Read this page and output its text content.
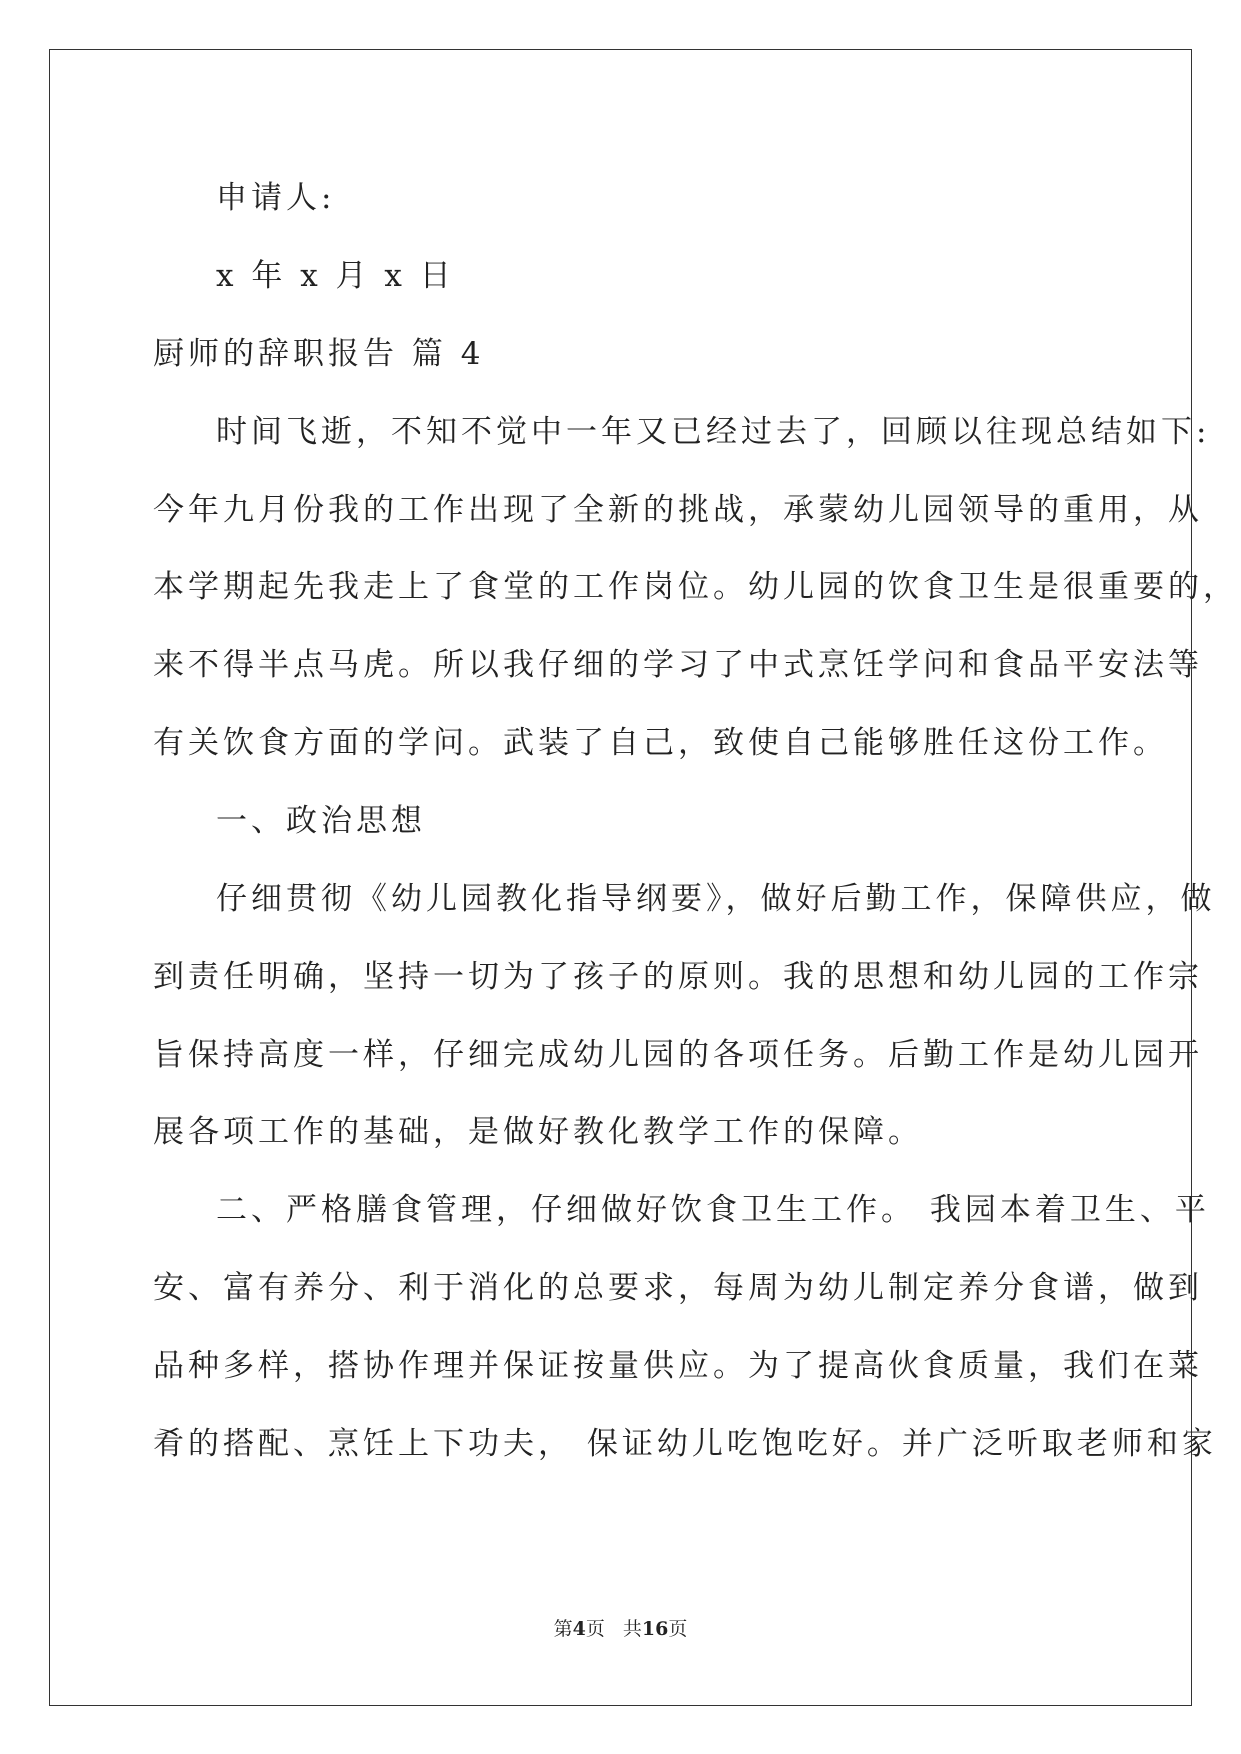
申请人:
x 年 x 月 x 日
厨师的辞职报告 篇 4
时间飞逝，不知不觉中一年又已经过去了，回顾以往现总结如下:
今年九月份我的工作出现了全新的挑战，承蒙幼儿园领导的重用，从
本学期起先我走上了食堂的工作岗位。幼儿园的饮食卫生是很重要的，
来不得半点马虎。所以我仔细的学习了中式烹饪学问和食品平安法等
有关饮食方面的学问。武装了自己，致使自己能够胜任这份工作。
一、政治思想
仔细贯彻《幼儿园教化指导纲要》，做好后勤工作，保障供应，做
到责任明确，坚持一切为了孩子的原则。我的思想和幼儿园的工作宗
旨保持高度一样，仔细完成幼儿园的各项任务。后勤工作是幼儿园开
展各项工作的基础，是做好教化教学工作的保障。
二、严格膳食管理，仔细做好饮食卫生工作。 我园本着卫生、平
安、富有养分、利于消化的总要求，每周为幼儿制定养分食谱，做到
品种多样，搭协作理并保证按量供应。为了提高伙食质量，我们在菜
肴的搭配、烹饪上下功夫， 保证幼儿吃饱吃好。并广泛听取老师和家
第4页 共16页
